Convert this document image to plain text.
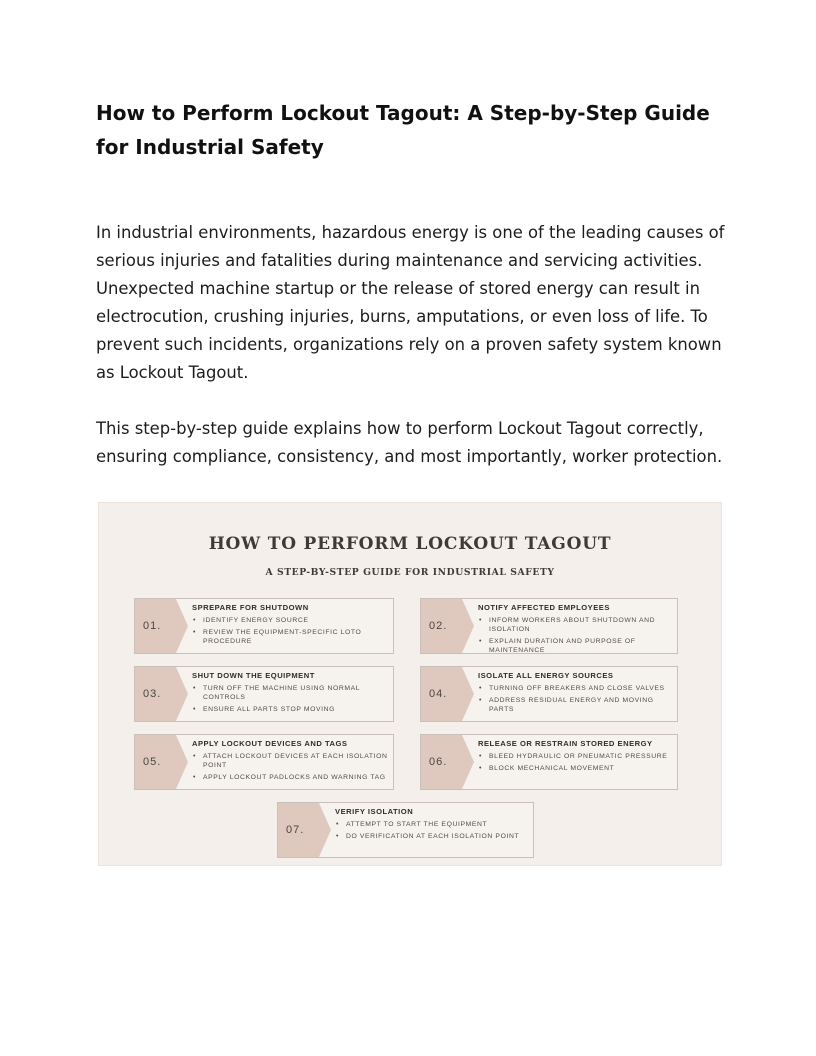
How to Perform Lockout Tagout: A Step-by-Step Guide for Industrial Safety

In industrial environments, hazardous energy is one of the leading causes of serious injuries and fatalities during maintenance and servicing activities. Unexpected machine startup or the release of stored energy can result in electrocution, crushing injuries, burns, amputations, or even loss of life. To prevent such incidents, organizations rely on a proven safety system known as Lockout Tagout.

This step-by-step guide explains how to perform Lockout Tagout correctly, ensuring compliance, consistency, and most importantly, worker protection.

HOW TO PERFORM LOCKOUT TAGOUT
A STEP-BY-STEP GUIDE FOR INDUSTRIAL SAFETY
01.
SPREPARE FOR SHUTDOWN
• IDENTIFY ENERGY SOURCE
• REVIEW THE EQUIPMENT-SPECIFIC LOTO PROCEDURE
02.
NOTIFY AFFECTED EMPLOYEES
• INFORM WORKERS ABOUT SHUTDOWN AND ISOLATION
• EXPLAIN DURATION AND PURPOSE OF MAINTENANCE
03.
SHUT DOWN THE EQUIPMENT
• TURN OFF THE MACHINE USING NORMAL CONTROLS
• ENSURE ALL PARTS STOP MOVING
04.
ISOLATE ALL ENERGY SOURCES
• TURNING OFF BREAKERS AND CLOSE VALVES
• ADDRESS RESIDUAL ENERGY AND MOVING PARTS
05.
APPLY LOCKOUT DEVICES AND TAGS
• ATTACH LOCKOUT DEVICES AT EACH ISOLATION POINT
• APPLY LOCKOUT PADLOCKS AND WARNING TAG
06.
RELEASE OR RESTRAIN STORED ENERGY
• BLEED HYDRAULIC OR PNEUMATIC PRESSURE
• BLOCK MECHANICAL MOVEMENT
07.
VERIFY ISOLATION
• ATTEMPT TO START THE EQUIPMENT
• DO VERIFICATION AT EACH ISOLATION POINT
